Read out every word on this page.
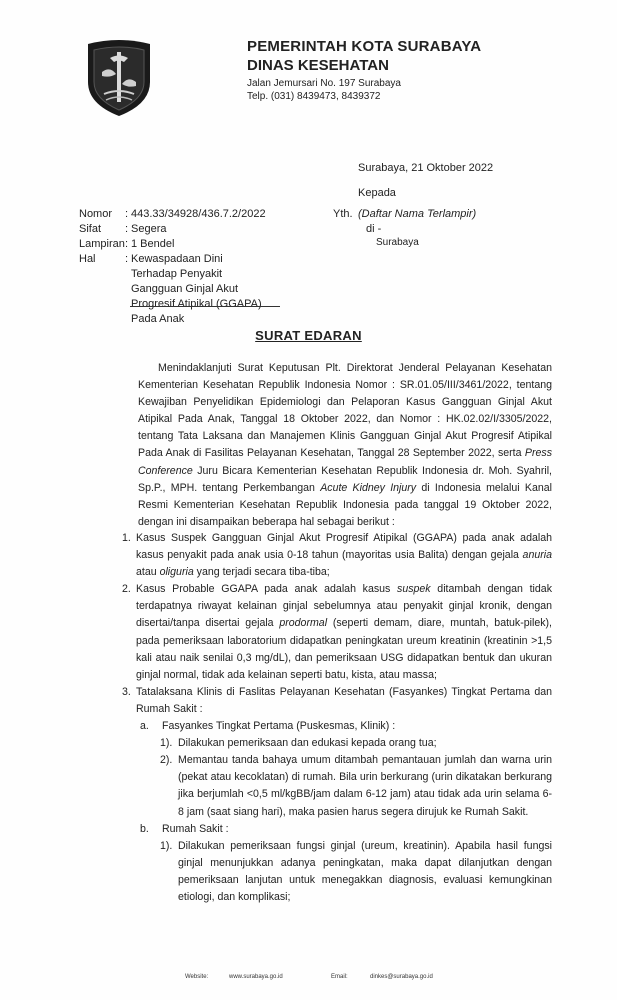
PEMERINTAH KOTA SURABAYA
DINAS KESEHATAN
Jalan Jemursari No. 197 Surabaya
Telp. (031) 8439473, 8439372
Surabaya, 21 Oktober 2022
Kepada
Yth. (Daftar Nama Terlampir)
di -
Surabaya
Nomor	: 443.33/34928/436.7.2/2022
Sifat	: Segera
Lampiran : 1 Bendel
Hal	: Kewaspadaan Dini Terhadap Penyakit Gangguan Ginjal Akut Progresif Atipikal (GGAPA) Pada Anak
SURAT EDARAN

Menindaklanjuti Surat Keputusan Plt. Direktorat Jenderal Pelayanan Kesehatan Kementerian Kesehatan Republik Indonesia Nomor : SR.01.05/III/3461/2022, tentang Kewajiban Penyelidikan Epidemiologi dan Pelaporan Kasus Gangguan Ginjal Akut Atipikal Pada Anak, Tanggal 18 Oktober 2022, dan Nomor : HK.02.02/I/3305/2022, tentang Tata Laksana dan Manajemen Klinis Gangguan Ginjal Akut Progresif Atipikal Pada Anak di Fasilitas Pelayanan Kesehatan, Tanggal 28 September 2022, serta Press Conference Juru Bicara Kementerian Kesehatan Republik Indonesia dr. Moh. Syahril, Sp.P., MPH. tentang Perkembangan Acute Kidney Injury di Indonesia melalui Kanal Resmi Kementerian Kesehatan Republik Indonesia pada tanggal 19 Oktober 2022, dengan ini disampaikan beberapa hal sebagai berikut :

1. Kasus Suspek Gangguan Ginjal Akut Progresif Atipikal (GGAPA) pada anak adalah kasus penyakit pada anak usia 0-18 tahun (mayoritas usia Balita) dengan gejala anuria atau oliguria yang terjadi secara tiba-tiba;
2. Kasus Probable GGAPA pada anak adalah kasus suspek ditambah dengan tidak terdapatnya riwayat kelainan ginjal sebelumnya atau penyakit ginjal kronik, dengan disertai/tanpa disertai gejala prodormal (seperti demam, diare, muntah, batuk-pilek), pada pemeriksaan laboratorium didapatkan peningkatan ureum kreatinin (kreatinin >1,5 kali atau naik senilai 0,3 mg/dL), dan pemeriksaan USG didapatkan bentuk dan ukuran ginjal normal, tidak ada kelainan seperti batu, kista, atau massa;
3. Tatalaksana Klinis di Faslitas Pelayanan Kesehatan (Fasyankes) Tingkat Pertama dan Rumah Sakit :
a.	Fasyankes Tingkat Pertama (Puskesmas, Klinik) :
1). Dilakukan pemeriksaan dan edukasi kepada orang tua;
2). Memantau tanda bahaya umum ditambah pemantauan jumlah dan warna urin (pekat atau kecoklatan) di rumah. Bila urin berkurang (urin dikatakan berkurang jika berjumlah <0,5 ml/kgBB/jam dalam 6-12 jam) atau tidak ada urin selama 6-8 jam (saat siang hari), maka pasien harus segera dirujuk ke Rumah Sakit.
b.	Rumah Sakit :
1). Dilakukan pemeriksaan fungsi ginjal (ureum, kreatinin). Apabila hasil fungsi ginjal menunjukkan adanya peningkatan, maka dapat dilanjutkan dengan pemeriksaan lanjutan untuk menegakkan diagnosis, evaluasi kemungkinan etiologi, dan komplikasi;
Website:	www.surabaya.go.id	Email:	dinkes@surabaya.go.id
